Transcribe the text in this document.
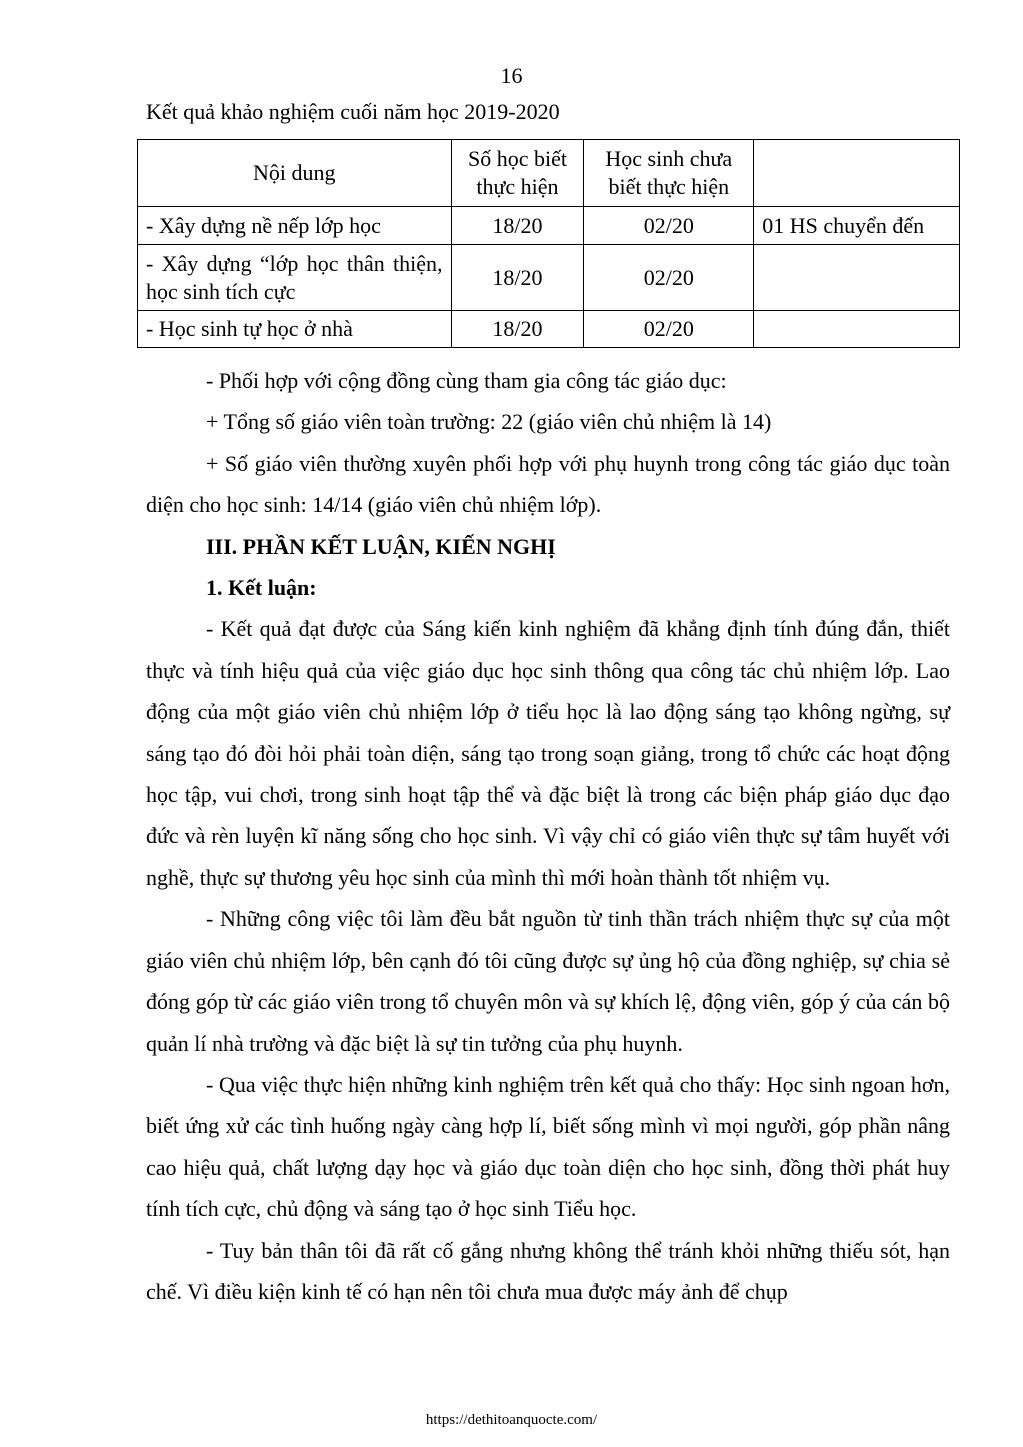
16
Kết quả khảo nghiệm cuối năm học 2019-2020
Nội dung	Số học biết thực hiện	Học sinh chưa biết thực hiện	
- Xây dựng nề nếp lớp học	18/20	02/20	01 HS chuyển đến
- Xây dựng “lớp học thân thiện, học sinh tích cực	18/20	02/20	
- Học sinh tự học ở nhà	18/20	02/20	

- Phối hợp với cộng đồng cùng tham gia công tác giáo dục:

+ Tổng số giáo viên toàn trường: 22 (giáo viên chủ nhiệm là 14)

+ Số giáo viên thường xuyên phối hợp với phụ huynh trong công tác giáo dục toàn diện cho học sinh: 14/14 (giáo viên chủ nhiệm lớp).

III. PHẦN KẾT LUẬN, KIẾN NGHỊ

1. Kết luận:

- Kết quả đạt được của Sáng kiến kinh nghiệm đã khẳng định tính đúng đắn, thiết thực và tính hiệu quả của việc giáo dục học sinh thông qua công tác chủ nhiệm lớp. Lao động của một giáo viên chủ nhiệm lớp ở tiểu học là lao động sáng tạo không ngừng, sự sáng tạo đó đòi hỏi phải toàn diện, sáng tạo trong soạn giảng, trong tổ chức các hoạt động học tập, vui chơi, trong sinh hoạt tập thể và đặc biệt là trong các biện pháp giáo dục đạo đức và rèn luyện kĩ năng sống cho học sinh. Vì vậy chỉ có giáo viên thực sự tâm huyết với nghề, thực sự thương yêu học sinh của mình thì mới hoàn thành tốt nhiệm vụ.

- Những công việc tôi làm đều bắt nguồn từ tinh thần trách nhiệm thực sự của một giáo viên chủ nhiệm lớp, bên cạnh đó tôi cũng được sự ủng hộ của đồng nghiệp, sự chia sẻ đóng góp từ các giáo viên trong tổ chuyên môn và sự khích lệ, động viên, góp ý của cán bộ quản lí nhà trường và đặc biệt là sự tin tưởng của phụ huynh.

- Qua việc thực hiện những kinh nghiệm trên kết quả cho thấy: Học sinh ngoan hơn, biết ứng xử các tình huống ngày càng hợp lí, biết sống mình vì mọi người, góp phần nâng cao hiệu quả, chất lượng dạy học và giáo dục toàn diện cho học sinh, đồng thời phát huy tính tích cực, chủ động và sáng tạo ở học sinh Tiểu học.

- Tuy bản thân tôi đã rất cố gắng nhưng không thể tránh khỏi những thiếu sót, hạn chế. Vì điều kiện kinh tế có hạn nên tôi chưa mua được máy ảnh để chụp

https://dethitoanquocte.com/
